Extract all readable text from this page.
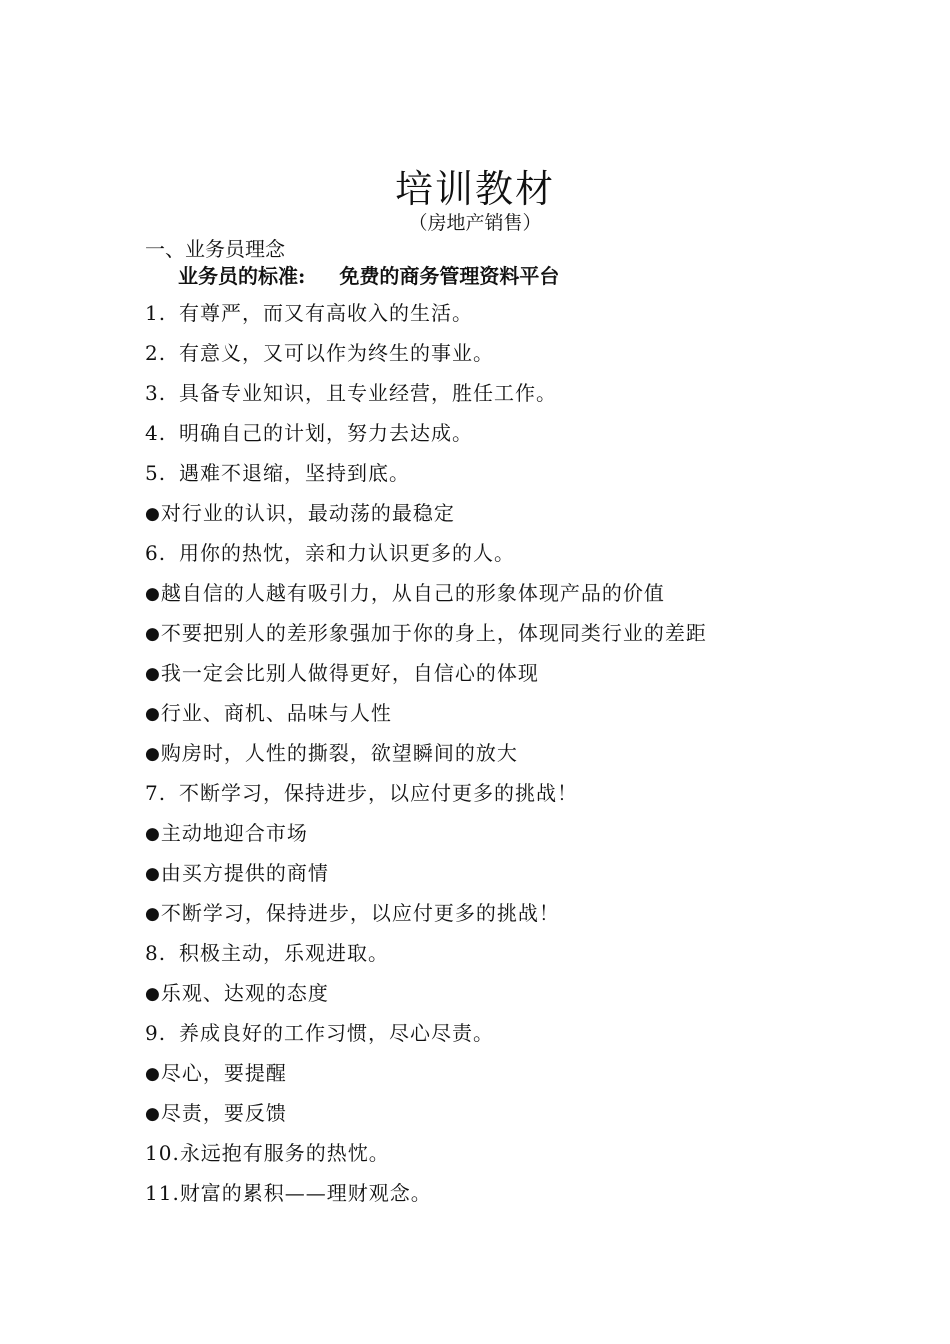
培训教材
（房地产销售）
一、业务员理念
业务员的标准: 免费的商务管理资料平台
1. 有尊严，而又有高收入的生活。
2. 有意义，又可以作为终生的事业。
3. 具备专业知识，且专业经营，胜任工作。
4. 明确自己的计划，努力去达成。
5. 遇难不退缩，坚持到底。
●对行业的认识，最动荡的最稳定
6. 用你的热忱，亲和力认识更多的人。
●越自信的人越有吸引力，从自己的形象体现产品的价值
●不要把别人的差形象强加于你的身上，体现同类行业的差距
●我一定会比别人做得更好，自信心的体现
●行业、商机、品味与人性
●购房时，人性的撕裂，欲望瞬间的放大
7. 不断学习，保持进步，以应付更多的挑战！
●主动地迎合市场
●由买方提供的商情
●不断学习，保持进步，以应付更多的挑战！
8. 积极主动，乐观进取。
●乐观、达观的态度
9. 养成良好的工作习惯，尽心尽责。
●尽心，要提醒
●尽责，要反馈
10.永远抱有服务的热忱。
11.财富的累积——理财观念。
